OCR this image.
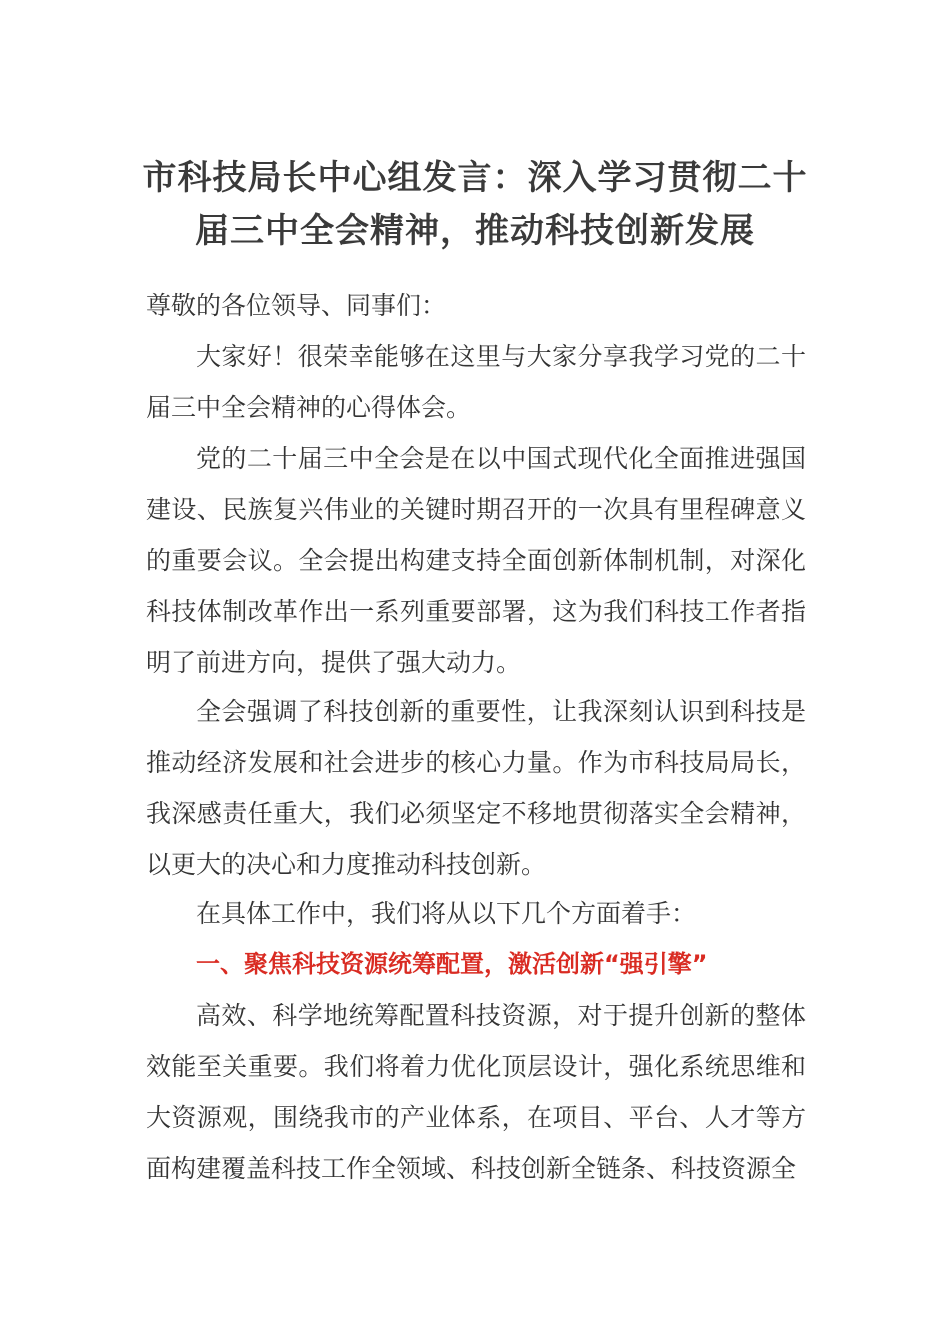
市科技局长中心组发言：深入学习贯彻二十
届三中全会精神，推动科技创新发展

尊敬的各位领导、同事们：

大家好！很荣幸能够在这里与大家分享我学习党的二十届三中全会精神的心得体会。

党的二十届三中全会是在以中国式现代化全面推进强国建设、民族复兴伟业的关键时期召开的一次具有里程碑意义的重要会议。全会提出构建支持全面创新体制机制，对深化科技体制改革作出一系列重要部署，这为我们科技工作者指明了前进方向，提供了强大动力。

全会强调了科技创新的重要性，让我深刻认识到科技是推动经济发展和社会进步的核心力量。作为市科技局局长，我深感责任重大，我们必须坚定不移地贯彻落实全会精神，以更大的决心和力度推动科技创新。

在具体工作中，我们将从以下几个方面着手：

一、聚焦科技资源统筹配置，激活创新“强引擎”

高效、科学地统筹配置科技资源，对于提升创新的整体效能至关重要。我们将着力优化顶层设计，强化系统思维和大资源观，围绕我市的产业体系，在项目、平台、人才等方面构建覆盖科技工作全领域、科技创新全链条、科技资源全
